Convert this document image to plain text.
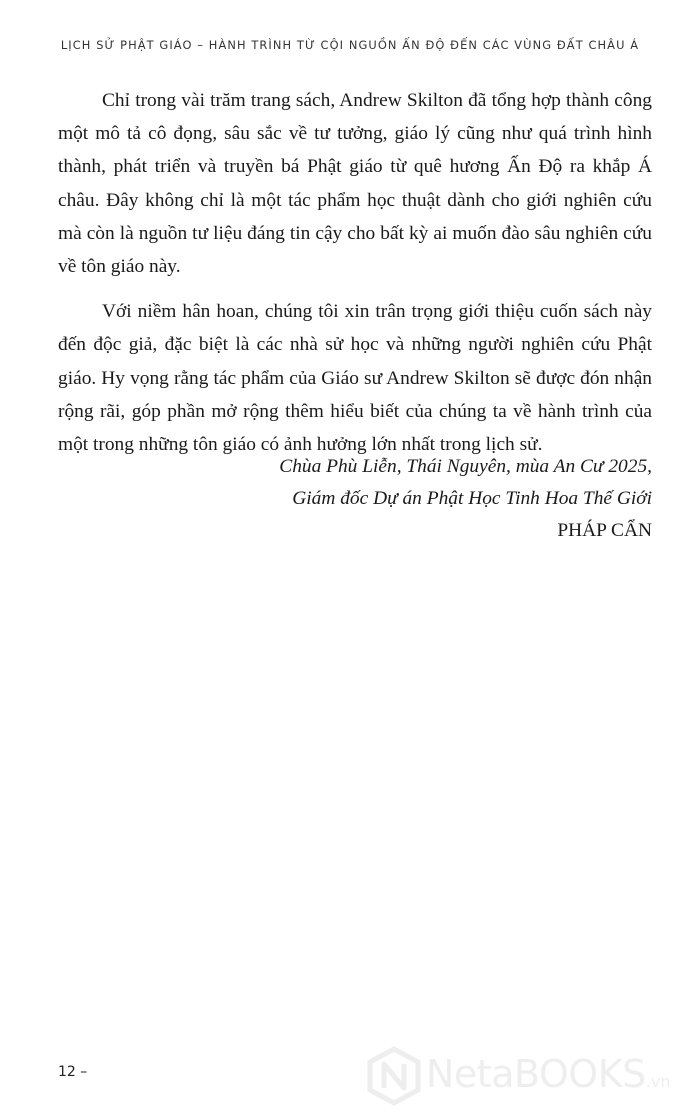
LỊCH SỬ PHẬT GIÁO – HÀNH TRÌNH TỪ CỘI NGUỒN ẤN ĐỘ ĐẾN CÁC VÙNG ĐẤT CHÂU Á

Chỉ trong vài trăm trang sách, Andrew Skilton đã tổng hợp thành công một mô tả cô đọng, sâu sắc về tư tưởng, giáo lý cũng như quá trình hình thành, phát triển và truyền bá Phật giáo từ quê hương Ấn Độ ra khắp Á châu. Đây không chỉ là một tác phẩm học thuật dành cho giới nghiên cứu mà còn là nguồn tư liệu đáng tin cậy cho bất kỳ ai muốn đào sâu nghiên cứu về tôn giáo này.

Với niềm hân hoan, chúng tôi xin trân trọng giới thiệu cuốn sách này đến độc giả, đặc biệt là các nhà sử học và những người nghiên cứu Phật giáo. Hy vọng rằng tác phẩm của Giáo sư Andrew Skilton sẽ được đón nhận rộng rãi, góp phần mở rộng thêm hiểu biết của chúng ta về hành trình của một trong những tôn giáo có ảnh hưởng lớn nhất trong lịch sử.

Chùa Phù Liễn, Thái Nguyên, mùa An Cư 2025,
Giám đốc Dự án Phật Học Tinh Hoa Thế Giới
PHÁP CẨN
12 –	NetaBOOKS.vn
